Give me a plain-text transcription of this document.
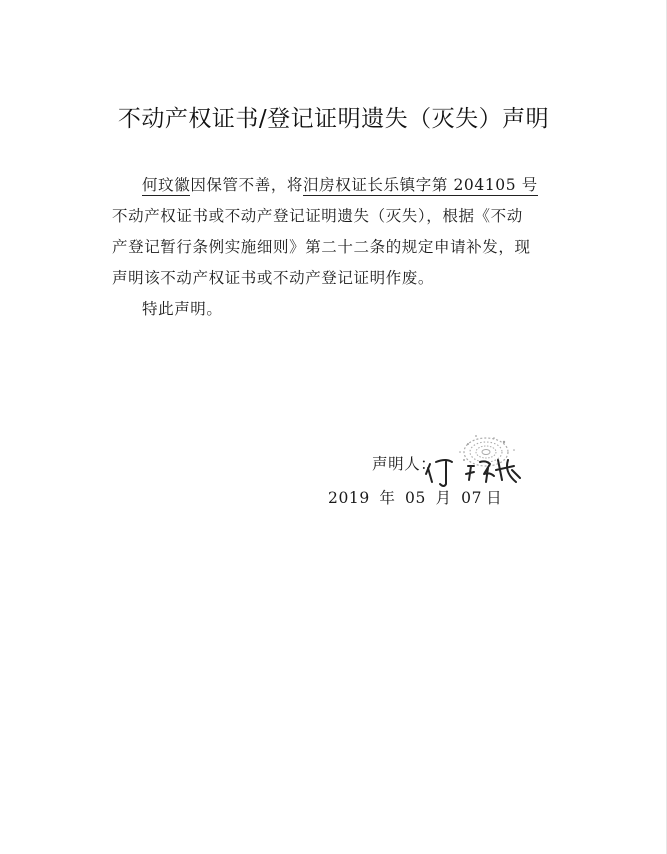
不动产权证书/登记证明遗失（灭失）声明
何玟徽因保管不善，将汨房权证长乐镇字第 204105 号
不动产权证书或不动产登记证明遗失（灭失），根据《不动
产登记暂行条例实施细则》第二十二条的规定申请补发，现
声明该不动产权证书或不动产登记证明作废。
特此声明。
声明人：
2019 年 05 月 07 日
